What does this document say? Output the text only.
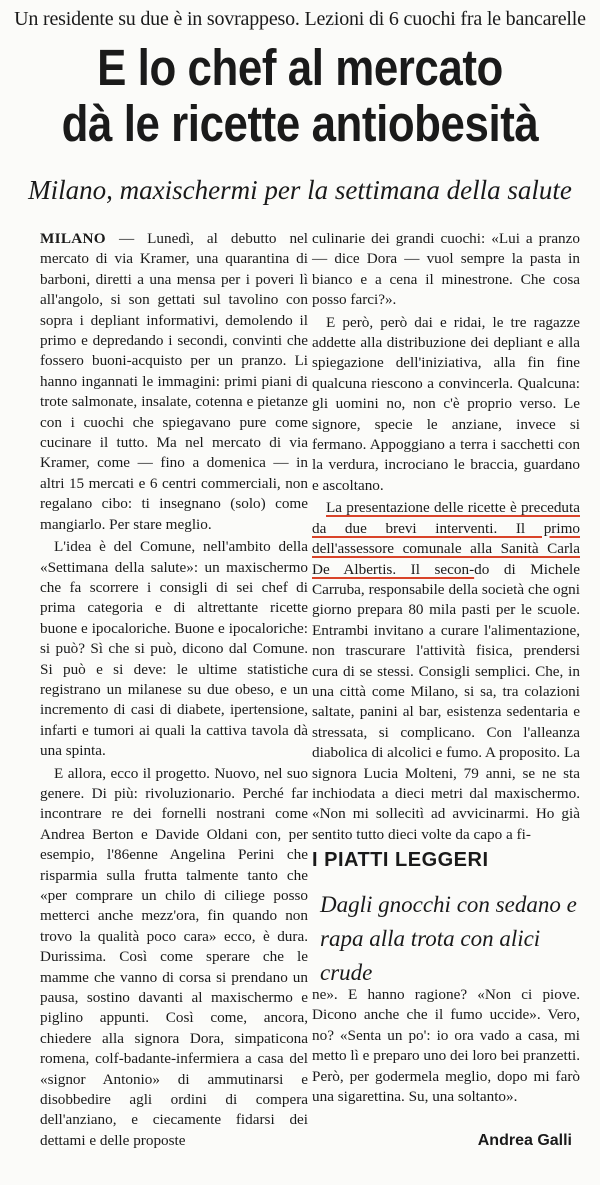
Un residente su due è in sovrappeso. Lezioni di 6 cuochi fra le bancarelle
E lo chef al mercato
dà le ricette antiobesità
Milano, maxischermi per la settimana della salute

MILANO — Lunedì, al debutto nel mercato di via Kramer, una quarantina di barboni, diretti a una mensa per i poveri lì all'angolo, si son gettati sul tavolino con sopra i depliant informativi, demolendo il primo e depredando i secondi, convinti che fossero buoni-acquisto per un pranzo. Li hanno ingannati le immagini: primi piani di trote salmonate, insalate, cotenna e pietanze con i cuochi che spiegavano pure come cucinare il tutto. Ma nel mercato di via Kramer, come — fino a domenica — in altri 15 mercati e 6 centri commerciali, non regalano cibo: ti insegnano (solo) come mangiarlo. Per stare meglio.

L'idea è del Comune, nell'ambito della «Settimana della salute»: un maxischermo che fa scorrere i consigli di sei chef di prima categoria e di altrettante ricette buone e ipocaloriche. Buone e ipocaloriche: si può? Sì che si può, dicono dal Comune. Si può e si deve: le ultime statistiche registrano un milanese su due obeso, e un incremento di casi di diabete, ipertensione, infarti e tumori ai quali la cattiva tavola dà una spinta.

E allora, ecco il progetto. Nuovo, nel suo genere. Di più: rivoluzionario. Perché far incontrare re dei fornelli nostrani come Andrea Berton e Davide Oldani con, per esempio, l'86enne Angelina Perini che risparmia sulla frutta talmente tanto che «per comprare un chilo di ciliege posso metterci anche mezz'ora, fin quando non trovo la qualità poco cara» ecco, è dura. Durissima. Così come sperare che le mamme che vanno di corsa si prendano un pausa, sostino davanti al maxischermo e piglino appunti. Così come, ancora, chiedere alla signora Dora, simpaticona romena, colf-badante-infermiera a casa del «signor Antonio» di ammutinarsi e disobbedire agli ordini di compera dell'anziano, e ciecamente fidarsi dei dettami e delle proposte

culinarie dei grandi cuochi: «Lui a pranzo — dice Dora — vuol sempre la pasta in bianco e a cena il minestrone. Che cosa posso farci?».

E però, però dai e ridai, le tre ragazze addette alla distribuzione dei depliant e alla spiegazione dell'iniziativa, alla fin fine qualcuna riescono a convincerla. Qualcuna: gli uomini no, non c'è proprio verso. Le signore, specie le anziane, invece si fermano. Appoggiano a terra i sacchetti con la verdura, incrociano le braccia, guardano e ascoltano.

La presentazione delle ricette è preceduta da due brevi interventi. Il primo dell'assessore comunale alla Sanità Carla De Albertis. Il secon-do di Michele Carruba, responsabile della società che ogni giorno prepara 80 mila pasti per le scuole. Entrambi invitano a curare l'alimentazione, non trascurare l'attività fisica, prendersi cura di se stessi. Consigli semplici. Che, in una città come Milano, si sa, tra colazioni saltate, panini al bar, esistenza sedentaria e stressata, si complicano. Con l'alleanza diabolica di alcolici e fumo. A proposito. La signora Lucia Molteni, 79 anni, se ne sta inchiodata a dieci metri dal maxischermo. «Non mi sollecitì ad avvicinarmi. Ho già sentito tutto dieci volte da capo a fi-

I PIATTI LEGGERI
Dagli gnocchi con sedano e rapa alla trota con alici crude

ne». E hanno ragione? «Non ci piove. Dicono anche che il fumo uccide». Vero, no? «Senta un po': io ora vado a casa, mi metto lì e preparo uno dei loro bei pranzetti. Però, per godermela meglio, dopo mi farò una sigarettina. Su, una soltanto».

Andrea Galli
